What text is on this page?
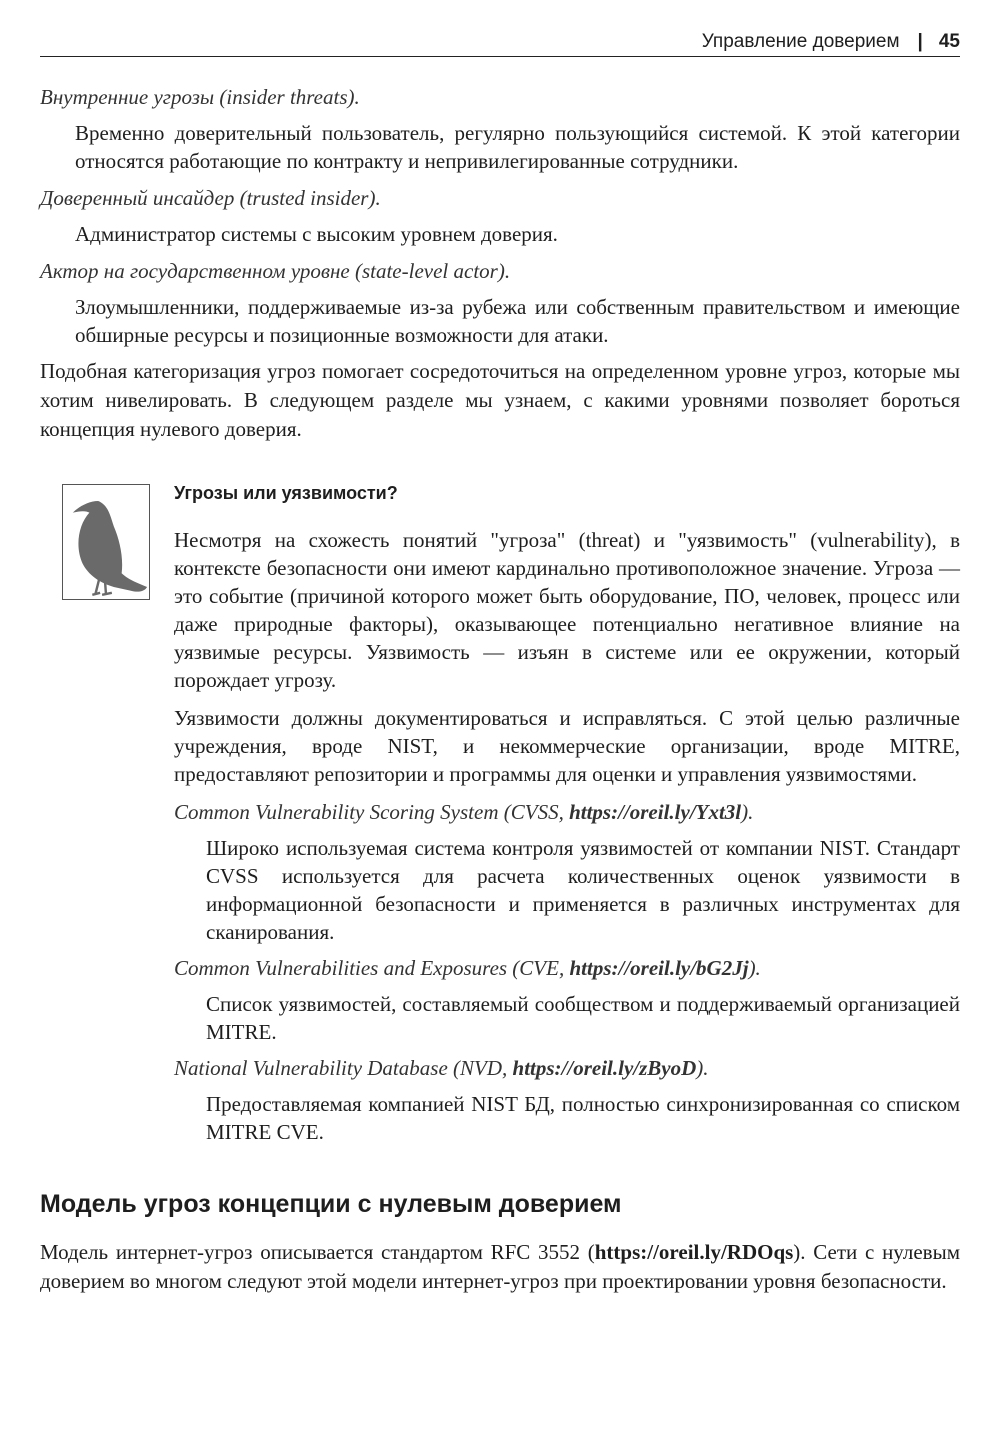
Управление доверием | 45

Внутренние угрозы (insider threats).

Временно доверительный пользователь, регулярно пользующийся системой. К этой категории относятся работающие по контракту и непривилегированные сотрудники.

Доверенный инсайдер (trusted insider).

Администратор системы с высоким уровнем доверия.

Актор на государственном уровне (state-level actor).

Злоумышленники, поддерживаемые из-за рубежа или собственным правительством и имеющие обширные ресурсы и позиционные возможности для атаки.

Подобная категоризация угроз помогает сосредоточиться на определенном уровне угроз, которые мы хотим нивелировать. В следующем разделе мы узнаем, с какими уровнями позволяет бороться концепция нулевого доверия.

Угрозы или уязвимости?

Несмотря на схожесть понятий "угроза" (threat) и "уязвимость" (vulnerability), в контексте безопасности они имеют кардинально противоположное значение. Угроза — это событие (причиной которого может быть оборудование, ПО, человек, процесс или даже природные факторы), оказывающее потенциально негативное влияние на уязвимые ресурсы. Уязвимость — изъян в системе или ее окружении, который порождает угрозу.

Уязвимости должны документироваться и исправляться. С этой целью различные учреждения, вроде NIST, и некоммерческие организации, вроде MITRE, предоставляют репозитории и программы для оценки и управления уязвимостями.

Common Vulnerability Scoring System (CVSS, https://oreil.ly/Yxt3l).

Широко используемая система контроля уязвимостей от компании NIST. Стандарт CVSS используется для расчета количественных оценок уязвимости в информационной безопасности и применяется в различных инструментах для сканирования.

Common Vulnerabilities and Exposures (CVE, https://oreil.ly/bG2Jj).

Список уязвимостей, составляемый сообществом и поддерживаемый организацией MITRE.

National Vulnerability Database (NVD, https://oreil.ly/zByoD).

Предоставляемая компанией NIST БД, полностью синхронизированная со списком MITRE CVE.

Модель угроз концепции с нулевым доверием

Модель интернет-угроз описывается стандартом RFC 3552 (https://oreil.ly/RDOqs). Сети с нулевым доверием во многом следуют этой модели интернет-угроз при проектировании уровня безопасности.
